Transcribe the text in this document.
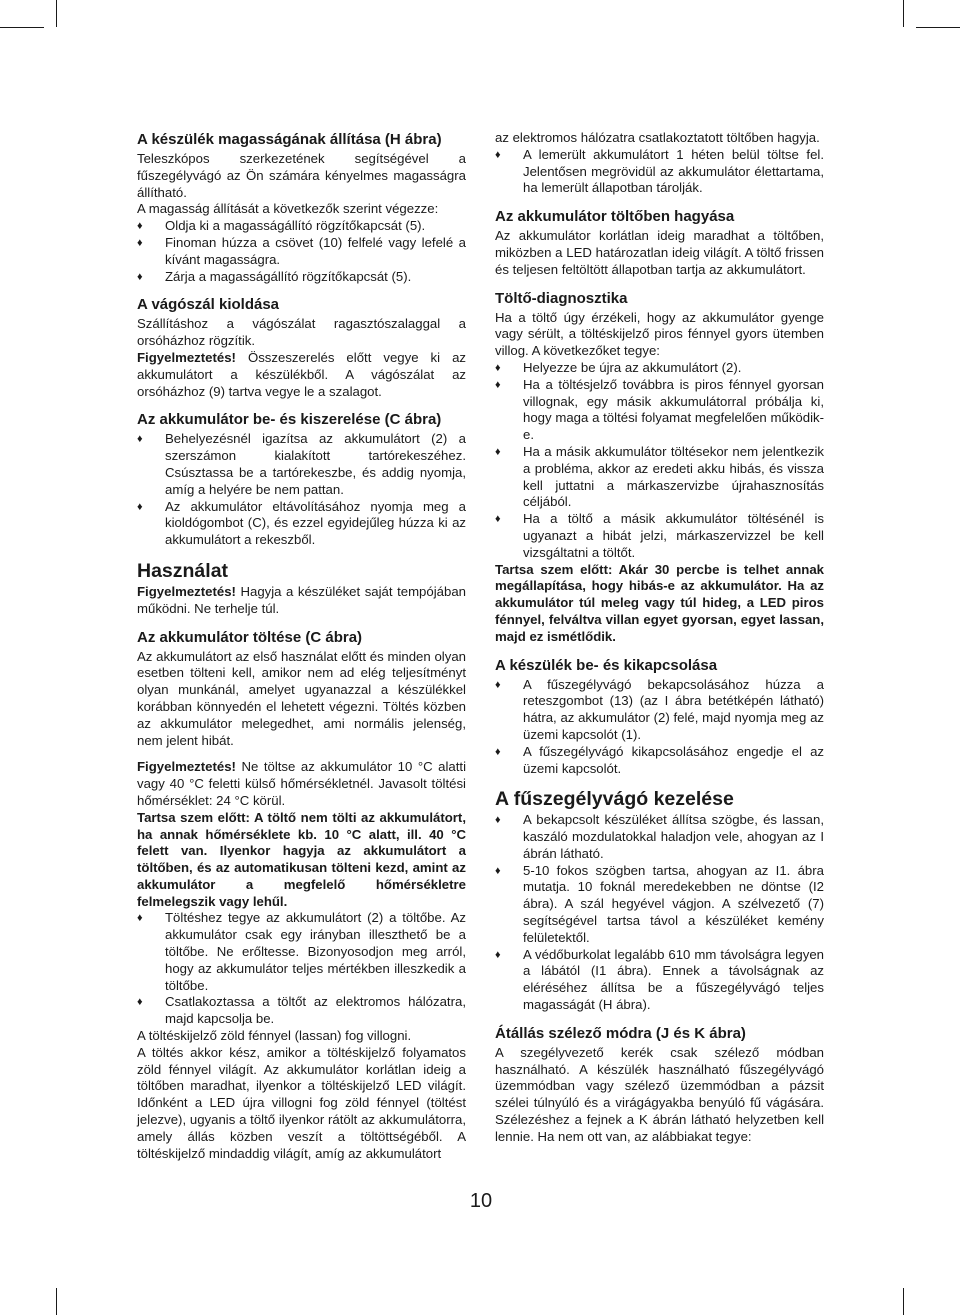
A készülék magasságának állítása (H ábra)

Teleszkópos szerkezetének segítségével a fűszegélyvágó az Ön számára kényelmes magasságra állítható.

A magasság állítását a következők szerint végezze:

♦ Oldja ki a magasságállító rögzítőkapcsát (5).
♦ Finoman húzza a csövet (10) felfelé vagy lefelé a kívánt magasságra.
♦ Zárja a magasságállító rögzítőkapcsát (5).
A vágószál kioldása

Szállításhoz a vágószálat ragasztószalaggal a orsóházhoz rögzítik.

Figyelmeztetés! Összeszerelés előtt vegye ki az akkumulátort a készülékből. A vágószálat az orsóházhoz (9) tartva vegye le a szalagot.

Az akkumulátor be- és kiszerelése (C ábra)
♦ Behelyezésnél igazítsa az akkumulátort (2) a szerszámon kialakított tartórekeszéhez. Csúsztassa be a tartórekeszbe, és addig nyomja, amíg a helyére be nem pattan.
♦ Az akkumulátor eltávolításához nyomja meg a kioldógombot (C), és ezzel egyidejűleg húzza ki az akkumulátort a rekeszből.
Használat

Figyelmeztetés! Hagyja a készüléket saját tempójában működni. Ne terhelje túl.

Az akkumulátor töltése (C ábra)

Az akkumulátort az első használat előtt és minden olyan esetben tölteni kell, amikor nem ad elég teljesítményt olyan munkánál, amelyet ugyanazzal a készülékkel korábban könnyedén el lehetett végezni. Töltés közben az akkumulátor melegedhet, ami normális jelenség, nem jelent hibát.

Figyelmeztetés! Ne töltse az akkumulátor 10 °C alatti vagy 40 °C feletti külső hőmérsékletnél. Javasolt töltési hőmérséklet: 24 °C körül.

Tartsa szem előtt: A töltő nem tölti az akkumulátort, ha annak hőmérséklete kb. 10 °C alatt, ill. 40 °C felett van. Ilyenkor hagyja az akkumulátort a töltőben, és az automatikusan tölteni kezd, amint az akkumulátor a megfelelő hőmérsékletre felmelegszik vagy lehűl.

♦ Töltéshez tegye az akkumulátort (2) a töltőbe. Az akkumulátor csak egy irányban illeszthető be a töltőbe. Ne erőltesse. Bizonyosodjon meg arról, hogy az akkumulátor teljes mértékben illeszkedik a töltőbe.
♦ Csatlakoztassa a töltőt az elektromos hálózatra, majd kapcsolja be.

A töltéskijelző zöld fénnyel (lassan) fog villogni.

A töltés akkor kész, amikor a töltéskijelző folyamatos zöld fénnyel világít. Az akkumulátor korlátlan ideig a töltőben maradhat, ilyenkor a töltéskijelző LED világít. Időnként a LED újra villogni fog zöld fénnyel (töltést jelezve), ugyanis a töltő ilyenkor rátölt az akkumulátorra, amely állás közben veszít a töltöttségéből. A töltéskijelző mindaddig világít, amíg az akkumulátort

az elektromos hálózatra csatlakoztatott töltőben hagyja.

♦ A lemerült akkumulátort 1 héten belül töltse fel. Jelentősen megrövidül az akkumulátor élettartama, ha lemerült állapotban tárolják.
Az akkumulátor töltőben hagyása

Az akkumulátor korlátlan ideig maradhat a töltőben, miközben a LED határozatlan ideig világít. A töltő frissen és teljesen feltöltött állapotban tartja az akkumulátort.

Töltő-diagnosztika

Ha a töltő úgy érzékeli, hogy az akkumulátor gyenge vagy sérült, a töltéskijelző piros fénnyel gyors ütemben villog. A következőket tegye:

♦ Helyezze be újra az akkumulátort (2).
♦ Ha a töltésjelző továbbra is piros fénnyel gyorsan villognak, egy másik akkumulátorral próbálja ki, hogy maga a töltési folyamat megfelelően működik-e.
♦ Ha a másik akkumulátor töltésekor nem jelentkezik a probléma, akkor az eredeti akku hibás, és vissza kell juttatni a márkaszervizbe újrahasznosítás céljából.
♦ Ha a töltő a másik akkumulátor töltésénél is ugyanazt a hibát jelzi, márkaszervizzel be kell vizsgáltatni a töltőt.

Tartsa szem előtt: Akár 30 percbe is telhet annak megállapítása, hogy hibás-e az akkumulátor. Ha az akkumulátor túl meleg vagy túl hideg, a LED piros fénnyel, felváltva villan egyet gyorsan, egyet lassan, majd ez ismétlődik.

A készülék be- és kikapcsolása
♦ A fűszegélyvágó bekapcsolásához húzza a reteszgombot (13) (az I ábra betétképén látható) hátra, az akkumulátor (2) felé, majd nyomja meg az üzemi kapcsolót (1).
♦ A fűszegélyvágó kikapcsolásához engedje el az üzemi kapcsolót.
A fűszegélyvágó kezelése
♦ A bekapcsolt készüléket állítsa szögbe, és lassan, kaszáló mozdulatokkal haladjon vele, ahogyan az I ábrán látható.
♦ 5-10 fokos szögben tartsa, ahogyan az I1. ábra mutatja. 10 foknál meredekebben ne döntse (I2 ábra). A szál hegyével vágjon. A szélvezető (7) segítségével tartsa távol a készüléket kemény felületektől.
♦ A védőburkolat legalább 610 mm távolságra legyen a lábától (I1 ábra). Ennek a távolságnak az eléréséhez állítsa be a fűszegélyvágó teljes magasságát (H ábra).
Átállás szélező módra (J és K ábra)

A szegélyvezető kerék csak szélező módban használható. A készülék használható fűszegélyvágó üzemmódban vagy szélező üzemmódban a pázsit szélei túlnyúló és a virágágyakba benyúló fű vágására. Szélezéshez a fejnek a K ábrán látható helyzetben kell lennie. Ha nem ott van, az alábbiakat tegye:

10
